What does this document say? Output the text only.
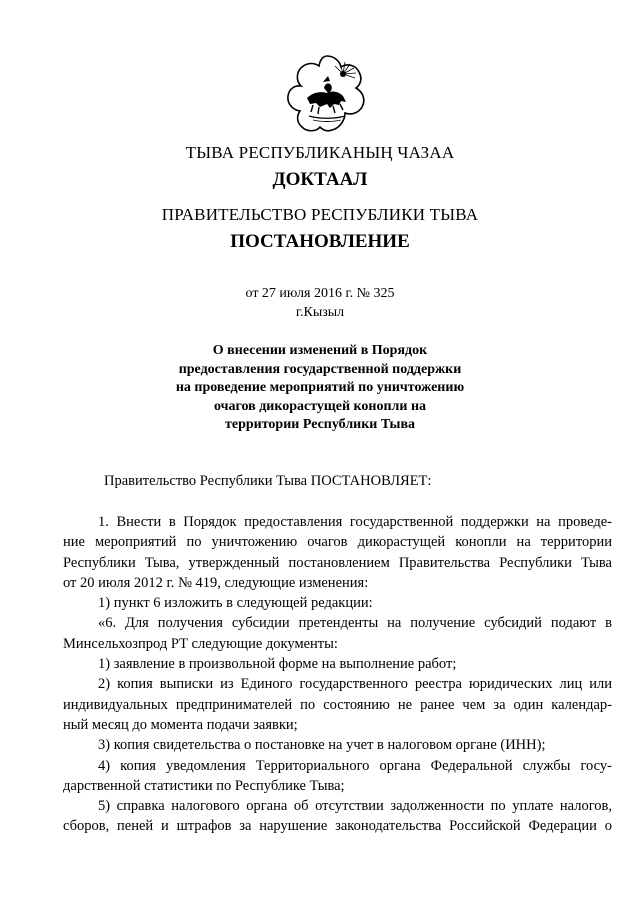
ТЫВА РЕСПУБЛИКАНЫҢ ЧАЗАА
ДОКТААЛ
ПРАВИТЕЛЬСТВО РЕСПУБЛИКИ ТЫВА
ПОСТАНОВЛЕНИЕ
от 27 июля 2016 г. № 325
г.Кызыл
О внесении изменений в Порядок
предоставления государственной поддержки
на проведение мероприятий по уничтожению
очагов дикорастущей конопли на
территории Республики Тыва
Правительство Республики Тыва ПОСТАНОВЛЯЕТ:
1. Внести в Порядок предоставления государственной поддержки на проведе-
ние мероприятий по уничтожению очагов дикорастущей конопли на территории
Республики Тыва, утвержденный постановлением Правительства Республики Тыва
от 20 июля 2012 г. № 419, следующие изменения:
1) пункт 6 изложить в следующей редакции:
«6. Для получения субсидии претенденты на получение субсидий подают в
Минсельхозпрод РТ следующие документы:
1) заявление в произвольной форме на выполнение работ;
2) копия выписки из Единого государственного реестра юридических лиц или
индивидуальных предпринимателей по состоянию не ранее чем за один календар-
ный месяц до момента подачи заявки;
3) копия свидетельства о постановке на учет в налоговом органе (ИНН);
4) копия уведомления Территориального органа Федеральной службы госу-
дарственной статистики по Республике Тыва;
5) справка налогового органа об отсутствии задолженности по уплате налогов,
сборов, пеней и штрафов за нарушение законодательства Российской Федерации о
